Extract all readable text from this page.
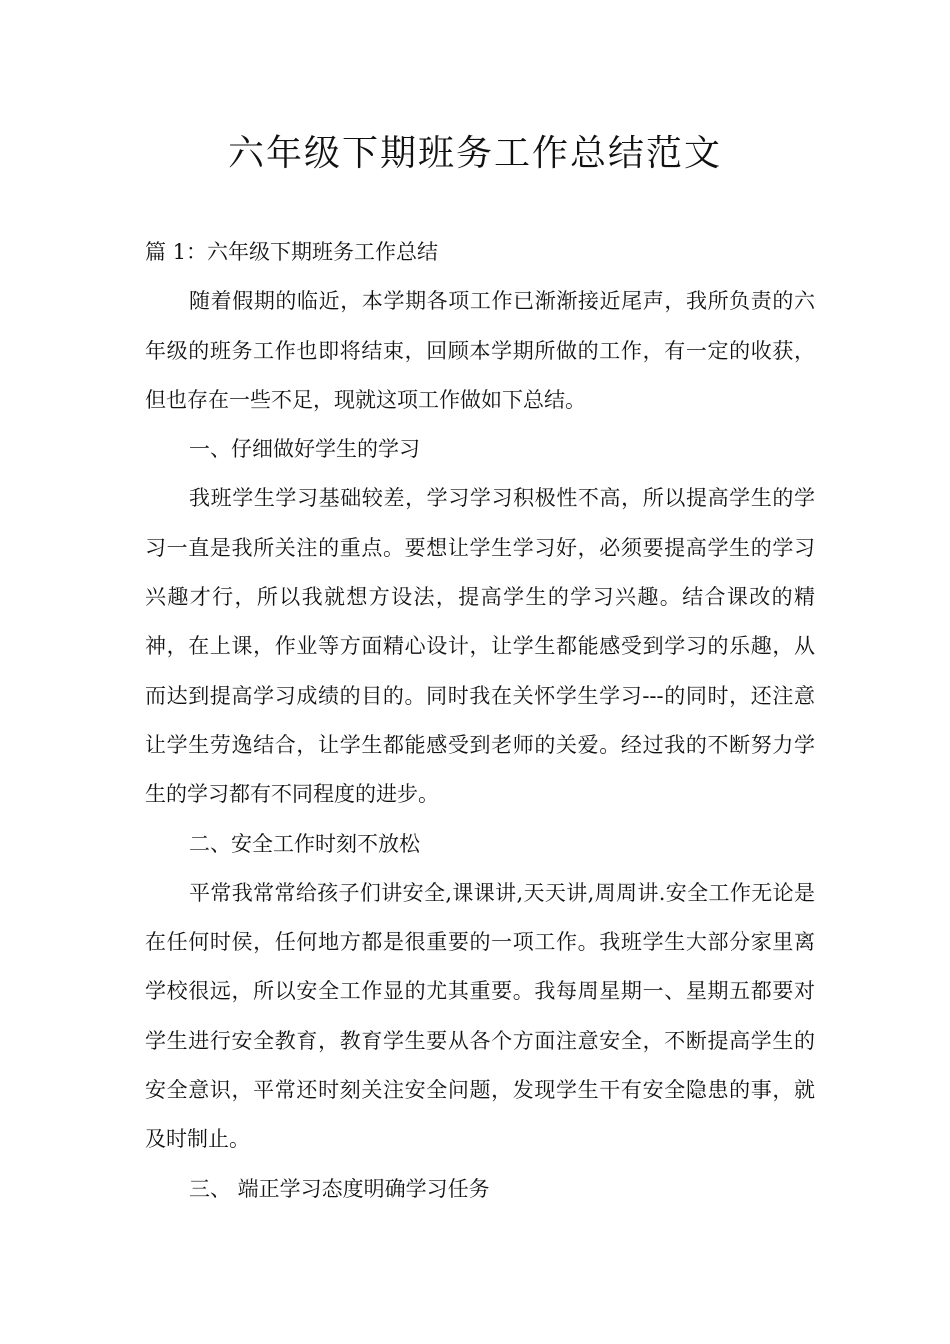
六年级下期班务工作总结范文

篇 1：六年级下期班务工作总结

随着假期的临近，本学期各项工作已渐渐接近尾声，我所负责的六年级的班务工作也即将结束，回顾本学期所做的工作，有一定的收获，但也存在一些不足，现就这项工作做如下总结。

一、仔细做好学生的学习

我班学生学习基础较差，学习学习积极性不高，所以提高学生的学习一直是我所关注的重点。要想让学生学习好，必须要提高学生的学习兴趣才行，所以我就想方设法，提高学生的学习兴趣。结合课改的精神，在上课，作业等方面精心设计，让学生都能感受到学习的乐趣，从而达到提高学习成绩的目的。同时我在关怀学生学习---的同时，还注意让学生劳逸结合，让学生都能感受到老师的关爱。经过我的不断努力学生的学习都有不同程度的进步。

二、安全工作时刻不放松

平常我常常给孩子们讲安全,课课讲,天天讲,周周讲.安全工作无论是在任何时侯，任何地方都是很重要的一项工作。我班学生大部分家里离学校很远，所以安全工作显的尤其重要。我每周星期一、星期五都要对学生进行安全教育，教育学生要从各个方面注意安全，不断提高学生的安全意识，平常还时刻关注安全问题，发现学生干有安全隐患的事，就及时制止。

三、 端正学习态度明确学习任务
